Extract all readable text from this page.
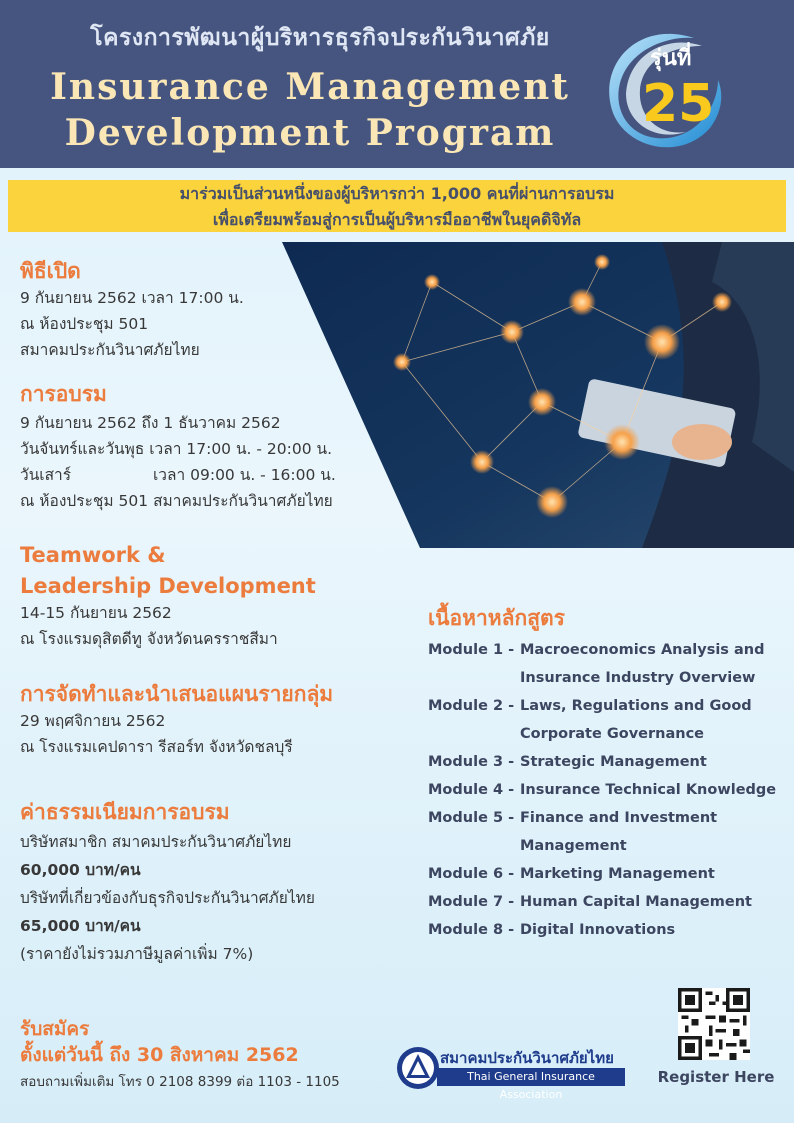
โครงการพัฒนาผู้บริหารธุรกิจประกันวินาศภัย
Insurance Management
Development Program
รุ่นที่
25
มาร่วมเป็นส่วนหนึ่งของผู้บริหารกว่า 1,000 คนที่ผ่านการอบรม
เพื่อเตรียมพร้อมสู่การเป็นผู้บริหารมืออาชีพในยุคดิจิทัล
พิธีเปิด
9 กันยายน 2562 เวลา 17:00 น.
ณ ห้องประชุม 501
สมาคมประกันวินาศภัยไทย
การอบรม
9 กันยายน 2562 ถึง 1 ธันวาคม 2562
วันจันทร์และวันพุธ เวลา 17:00 น. - 20:00 น.
วันเสาร์	เวลา 09:00 น. - 16:00 น.
ณ ห้องประชุม 501 สมาคมประกันวินาศภัยไทย
Teamwork &
Leadership Development
14-15 กันยายน 2562
ณ โรงแรมดุสิตดีทู จังหวัดนครราชสีมา
การจัดทำและนำเสนอแผนรายกลุ่ม
29 พฤศจิกายน 2562
ณ โรงแรมเคปดารา รีสอร์ท จังหวัดชลบุรี
ค่าธรรมเนียมการอบรม
บริษัทสมาชิก สมาคมประกันวินาศภัยไทย
60,000 บาท/คน
บริษัทที่เกี่ยวข้องกับธุรกิจประกันวินาศภัยไทย
65,000 บาท/คน
(ราคายังไม่รวมภาษีมูลค่าเพิ่ม 7%)
เนื้อหาหลักสูตร
Module 1 - Macroeconomics Analysis and Insurance Industry Overview
Module 2 - Laws, Regulations and Good Corporate Governance
Module 3 - Strategic Management
Module 4 - Insurance Technical Knowledge
Module 5 - Finance and Investment Management
Module 6 - Marketing Management
Module 7 - Human Capital Management
Module 8 - Digital Innovations
รับสมัคร
ตั้งแต่วันนี้ ถึง 30 สิงหาคม 2562
สอบถามเพิ่มเติม โทร 0 2108 8399 ต่อ 1103 - 1105
สมาคมประกันวินาศภัยไทย
Thai General Insurance Association
Register Here
